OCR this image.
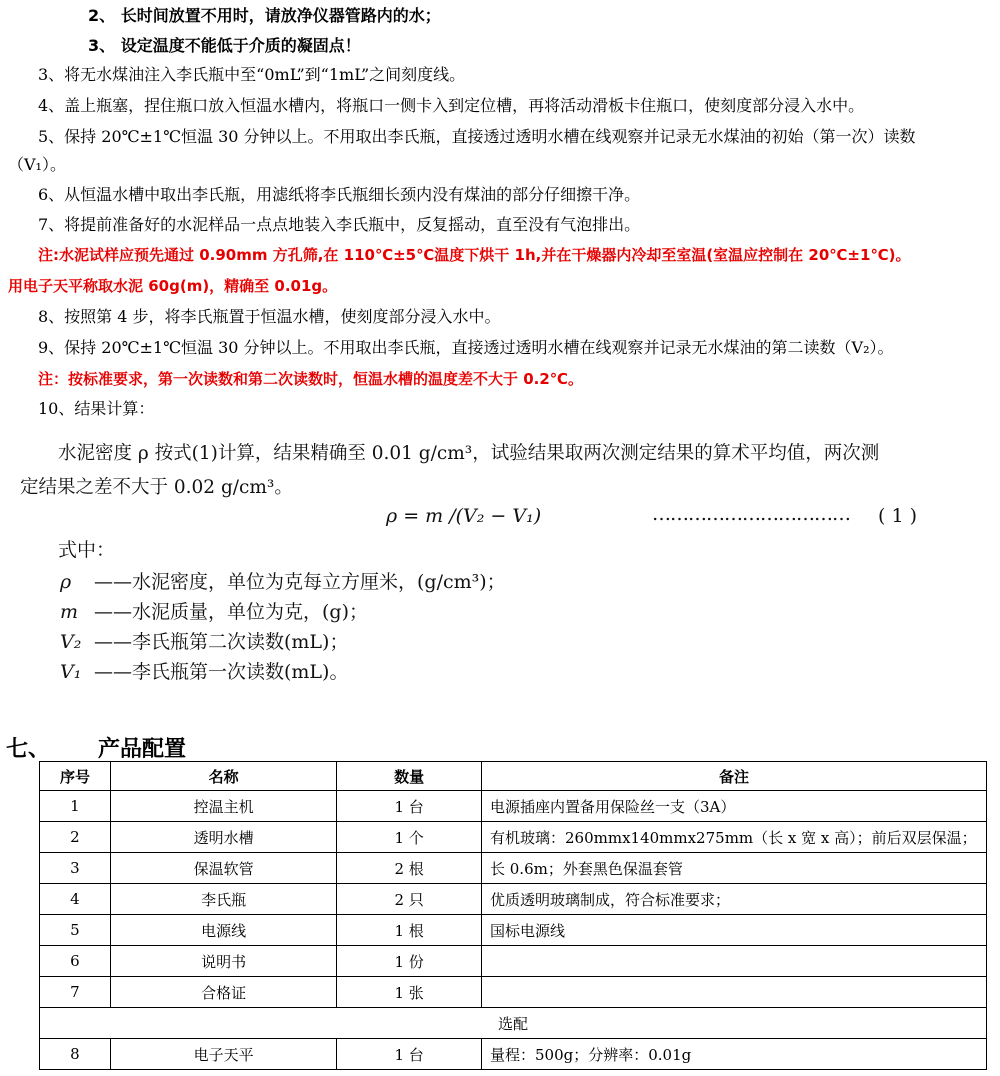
2、 长时间放置不用时，请放净仪器管路内的水；
3、 设定温度不能低于介质的凝固点！
3、将无水煤油注入李氏瓶中至“0mL”到“1mL”之间刻度线。
4、盖上瓶塞，捏住瓶口放入恒温水槽内，将瓶口一侧卡入到定位槽，再将活动滑板卡住瓶口，使刻度部分浸入水中。
5、保持 20℃±1℃恒温 30 分钟以上。不用取出李氏瓶，直接透过透明水槽在线观察并记录无水煤油的初始（第一次）读数
（V₁）。
6、从恒温水槽中取出李氏瓶，用滤纸将李氏瓶细长颈内没有煤油的部分仔细擦干净。
7、将提前准备好的水泥样品一点点地装入李氏瓶中，反复摇动，直至没有气泡排出。
注:水泥试样应预先通过 0.90mm 方孔筛,在 110℃±5℃温度下烘干 1h,并在干燥器内冷却至室温(室温应控制在 20℃±1℃)。
用电子天平称取水泥 60g(m)，精确至 0.01g。
8、按照第 4 步，将李氏瓶置于恒温水槽，使刻度部分浸入水中。
9、保持 20℃±1℃恒温 30 分钟以上。不用取出李氏瓶，直接透过透明水槽在线观察并记录无水煤油的第二读数（V₂）。
注：按标准要求，第一次读数和第二次读数时，恒温水槽的温度差不大于 0.2℃。
10、结果计算：
水泥密度 ρ 按式(1)计算，结果精确至 0.01 g/cm³，试验结果取两次测定结果的算术平均值，两次测
定结果之差不大于 0.02 g/cm³。
ρ = m /(V₂ − V₁)	…………………………… ( 1 )
式中：
ρ ——水泥密度，单位为克每立方厘米，(g/cm³)；
m ——水泥质量，单位为克，(g)；
V₂ ——李氏瓶第二次读数(mL)；
V₁ ——李氏瓶第一次读数(mL)。
七、 产品配置
序号	名称	数量	备注
1	控温主机	1 台	电源插座内置备用保险丝一支（3A）
2	透明水槽	1 个	有机玻璃：260mmx140mmx275mm（长 x 宽 x 高）；前后双层保温；
3	保温软管	2 根	长 0.6m；外套黑色保温套管
4	李氏瓶	2 只	优质透明玻璃制成，符合标准要求；
5	电源线	1 根	国标电源线
6	说明书	1 份	
7	合格证	1 张	
选配			
8	电子天平	1 台	量程：500g；分辨率：0.01g
